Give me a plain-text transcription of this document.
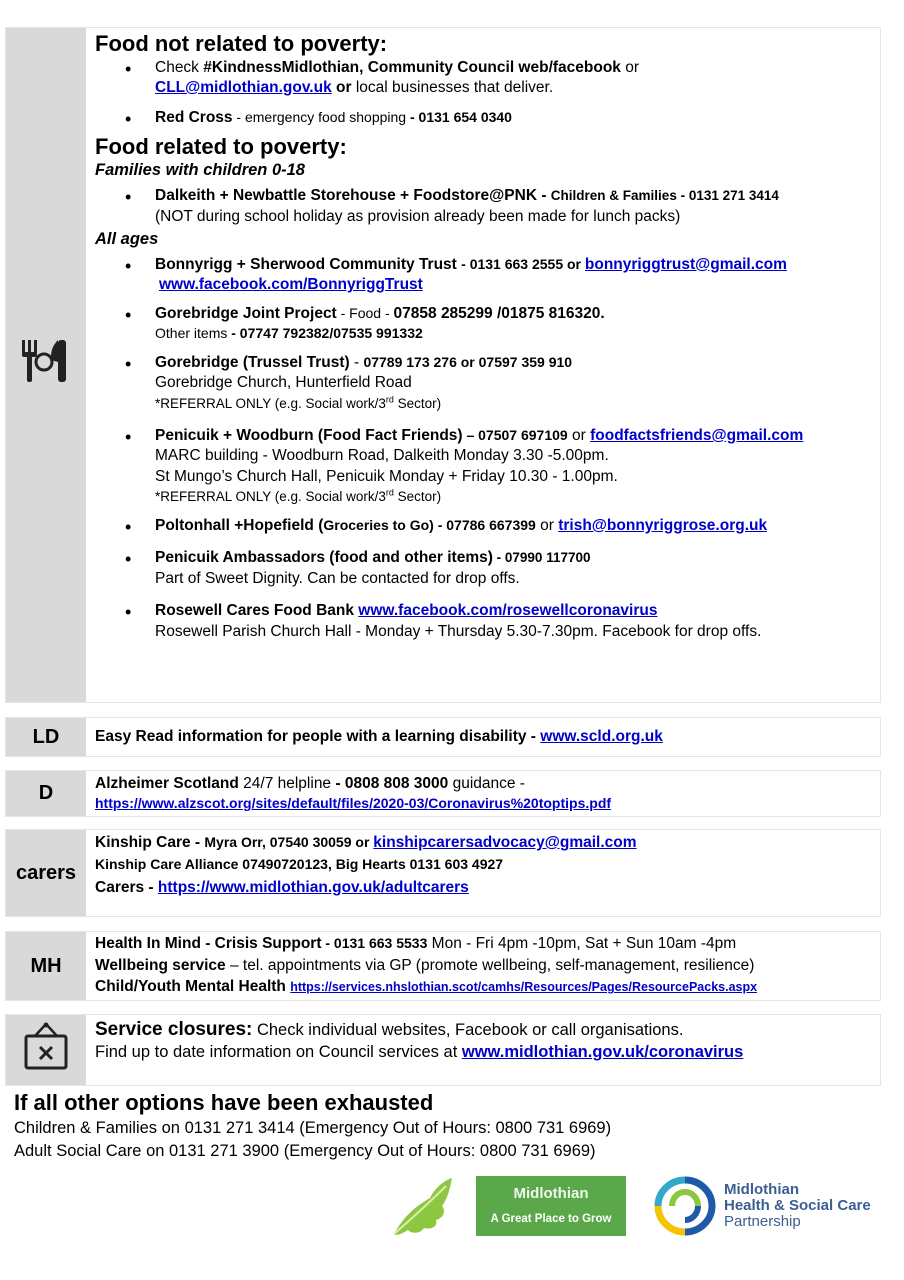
Food not related to poverty:
• Check #KindnessMidlothian, Community Council web/facebook or
CLL@midlothian.gov.uk or local businesses that deliver.
• Red Cross - emergency food shopping - 0131 654 0340
Food related to poverty:
Families with children 0-18
• Dalkeith + Newbattle Storehouse + Foodstore@PNK - Children & Families - 0131 271 3414
(NOT during school holiday as provision already been made for lunch packs)
All ages
• Bonnyrigg + Sherwood Community Trust - 0131 663 2555 or bonnyriggtrust@gmail.com
www.facebook.com/BonnyriggTrust
• Gorebridge Joint Project - Food - 07858 285299 /01875 816320.
Other items - 07747 792382/07535 991332
• Gorebridge (Trussel Trust) - 07789 173 276 or 07597 359 910
Gorebridge Church, Hunterfield Road
*REFERRAL ONLY (e.g. Social work/3rd Sector)
• Penicuik + Woodburn (Food Fact Friends) – 07507 697109 or foodfactsfriends@gmail.com
MARC building - Woodburn Road, Dalkeith Monday 3.30 -5.00pm.
St Mungo’s Church Hall, Penicuik Monday + Friday 10.30 - 1.00pm.
*REFERRAL ONLY (e.g. Social work/3rd Sector)
• Poltonhall +Hopefield (Groceries to Go) - 07786 667399 or trish@bonnyriggrose.org.uk
• Penicuik Ambassadors (food and other items) - 07990 117700
Part of Sweet Dignity. Can be contacted for drop offs.
• Rosewell Cares Food Bank www.facebook.com/rosewellcoronavirus
Rosewell Parish Church Hall - Monday + Thursday 5.30-7.30pm. Facebook for drop offs.
LD	Easy Read information for people with a learning disability - www.scld.org.uk
D	Alzheimer Scotland 24/7 helpline - 0808 808 3000 guidance -
https://www.alzscot.org/sites/default/files/2020-03/Coronavirus%20toptips.pdf
carers
Kinship Care - Myra Orr, 07540 30059 or kinshipcarersadvocacy@gmail.com
Kinship Care Alliance 07490720123, Big Hearts 0131 603 4927
Carers - https://www.midlothian.gov.uk/adultcarers
MH
Health In Mind - Crisis Support - 0131 663 5533 Mon - Fri 4pm -10pm, Sat + Sun 10am -4pm
Wellbeing service – tel. appointments via GP (promote wellbeing, self-management, resilience)
Child/Youth Mental Health https://services.nhslothian.scot/camhs/Resources/Pages/ResourcePacks.aspx
Service closures: Check individual websites, Facebook or call organisations.
Find up to date information on Council services at www.midlothian.gov.uk/coronavirus
If all other options have been exhausted
Children & Families on 0131 271 3414 (Emergency Out of Hours: 0800 731 6969)
Adult Social Care on 0131 271 3900 (Emergency Out of Hours: 0800 731 6969)
Midlothian
A Great Place to Grow
Midlothian
Health & Social Care
Partnership
